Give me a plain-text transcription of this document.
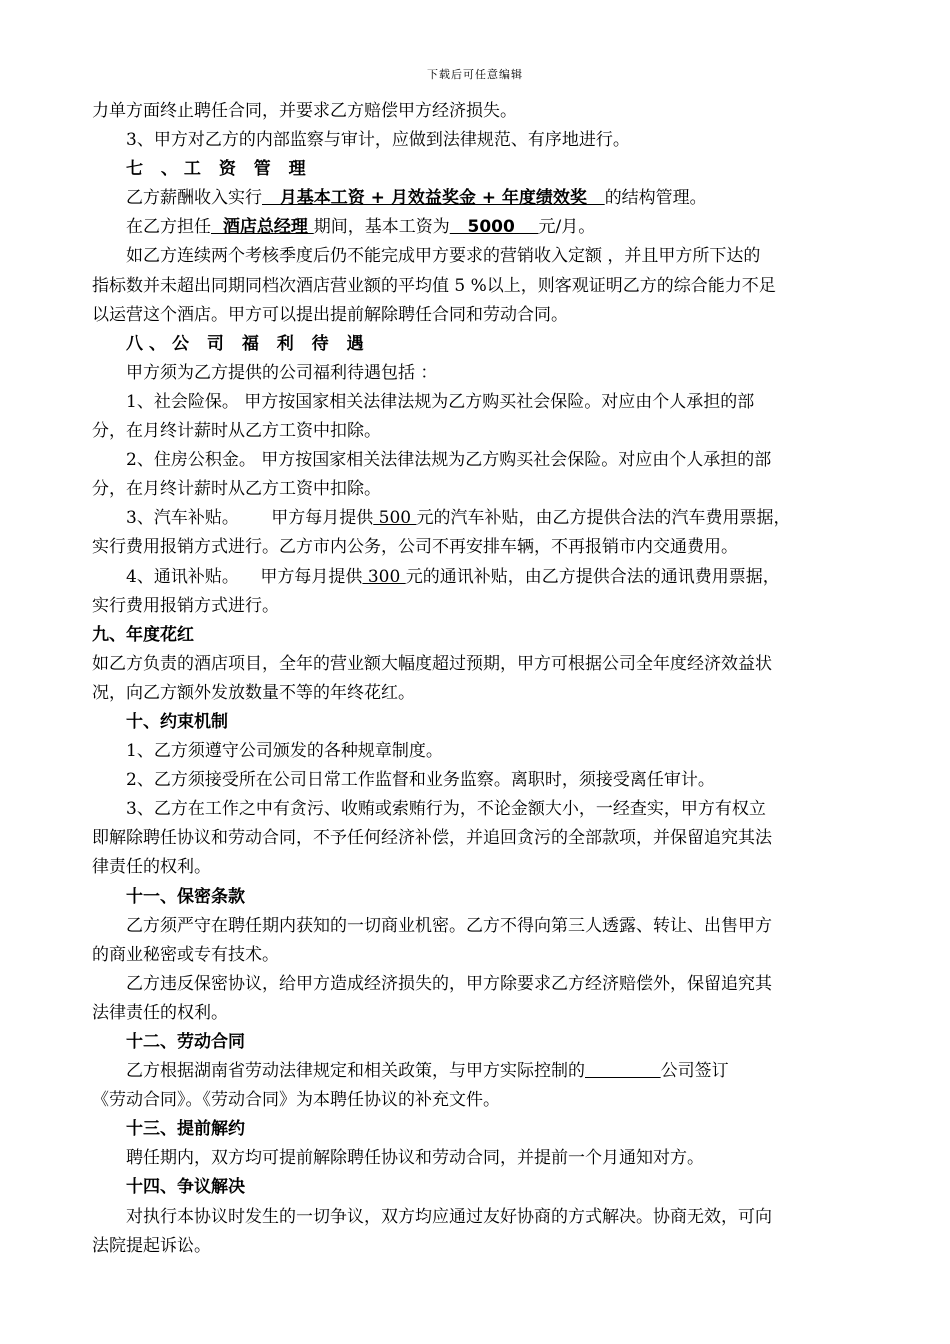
下载后可任意编辑

力单方面终止聘任合同，并要求乙方赔偿甲方经济损失。

3、甲方对乙方的内部监察与审计，应做到法律规范、有序地进行。

七 、工 资 管 理

乙方薪酬收入实行   月基本工资 + 月效益奖金 + 年度绩效奖   的结构管理。

在乙方担任  酒店总经理 期间，基本工资为   5000    元/月。

如乙方连续两个考核季度后仍不能完成甲方要求的营销收入定额 ，并且甲方所下达的

指标数并未超出同期同档次酒店营业额的平均值 5 %以上，则客观证明乙方的综合能力不足

以运营这个酒店。甲方可以提出提前解除聘任合同和劳动合同。

八、公 司 福 利 待 遇

甲方须为乙方提供的公司福利待遇包括 ：

1、社会险保。 甲方按国家相关法律法规为乙方购买社会保险。对应由个人承担的部

分，在月终计薪时从乙方工资中扣除。

2、住房公积金。 甲方按国家相关法律法规为乙方购买社会保险。对应由个人承担的部

分，在月终计薪时从乙方工资中扣除。

3、汽车补贴。      甲方每月提供 500 元的汽车补贴，由乙方提供合法的汽车费用票据，

实行费用报销方式进行。乙方市内公务，公司不再安排车辆，不再报销市内交通费用。

4、通讯补贴。    甲方每月提供 300 元的通讯补贴，由乙方提供合法的通讯费用票据，

实行费用报销方式进行。

九、年度花红

如乙方负责的酒店项目，全年的营业额大幅度超过预期，甲方可根据公司全年度经济效益状

况，向乙方额外发放数量不等的年终花红。

十、约束机制

1、乙方须遵守公司颁发的各种规章制度。

2、乙方须接受所在公司日常工作监督和业务监察。离职时，须接受离任审计。

3、乙方在工作之中有贪污、收贿或索贿行为，不论金额大小，一经查实，甲方有权立

即解除聘任协议和劳动合同，不予任何经济补偿，并追回贪污的全部款项，并保留追究其法

律责任的权利。

十一、保密条款

乙方须严守在聘任期内获知的一切商业机密。乙方不得向第三人透露、转让、出售甲方

的商业秘密或专有技术。

乙方违反保密协议，给甲方造成经济损失的，甲方除要求乙方经济赔偿外，保留追究其

法律责任的权利。

十二、劳动合同

乙方根据湖南省劳动法律规定和相关政策，与甲方实际控制的	公司签订

《劳动合同》。《劳动合同》为本聘任协议的补充文件。

十三、提前解约

聘任期内，双方均可提前解除聘任协议和劳动合同，并提前一个月通知对方。

十四、争议解决

对执行本协议时发生的一切争议，双方均应通过友好协商的方式解决。协商无效，可向

法院提起诉讼。
